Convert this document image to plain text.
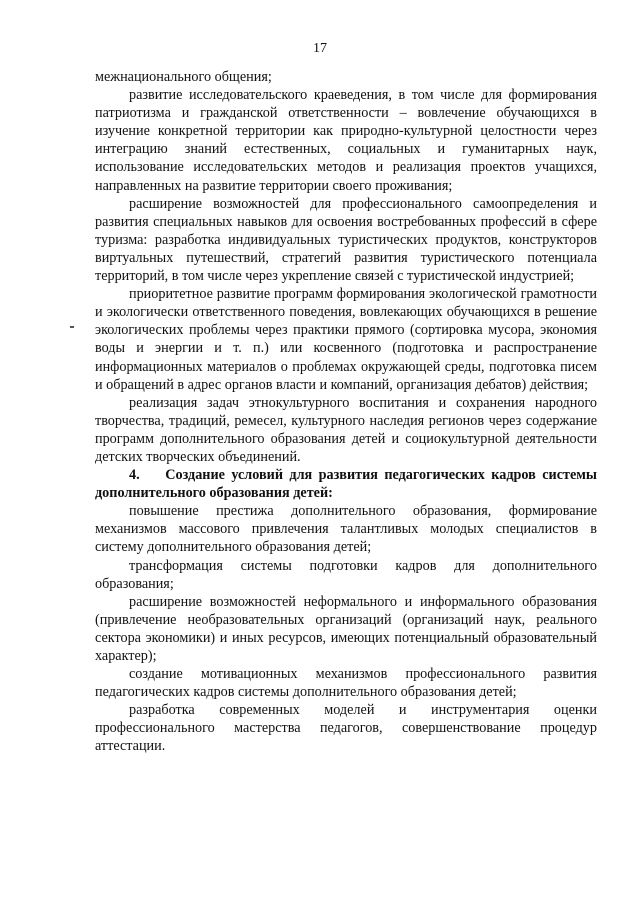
17

межнационального общения;

развитие исследовательского краеведения, в том числе для формирования патриотизма и гражданской ответственности – вовлечение обучающихся в изучение конкретной территории как природно-культурной целостности через интеграцию знаний естественных, социальных и гуманитарных наук, использование исследовательских методов и реализация проектов учащихся, направленных на развитие территории своего проживания;

расширение возможностей для профессионального самоопределения и развития специальных навыков для освоения востребованных профессий в сфере туризма: разработка индивидуальных туристических продуктов, конструкторов виртуальных путешествий, стратегий развития туристического потенциала территорий, в том числе через укрепление связей с туристической индустрией;

приоритетное развитие программ формирования экологической грамотности и экологически ответственного поведения, вовлекающих обучающихся в решение экологических проблемы через практики прямого (сортировка мусора, экономия воды и энергии и т. п.) или косвенного (подготовка и распространение информационных материалов о проблемах окружающей среды, подготовка писем и обращений в адрес органов власти и компаний, организация дебатов) действия;

реализация задач этнокультурного воспитания и сохранения народного творчества, традиций, ремесел, культурного наследия регионов через содержание программ дополнительного образования детей и социокультурной деятельности детских творческих объединений.

4.    Создание условий для развития педагогических кадров системы дополнительного образования детей:

повышение престижа дополнительного образования, формирование механизмов массового привлечения талантливых молодых специалистов в систему дополнительного образования детей;

трансформация системы подготовки кадров для дополнительного образования;

расширение возможностей неформального и информального образования (привлечение необразовательных организаций (организаций наук, реального сектора экономики) и иных ресурсов, имеющих потенциальный образовательный характер);

создание мотивационных механизмов профессионального развития педагогических кадров системы дополнительного образования детей;

разработка современных моделей и инструментария оценки профессионального мастерства педагогов, совершенствование процедур аттестации.
